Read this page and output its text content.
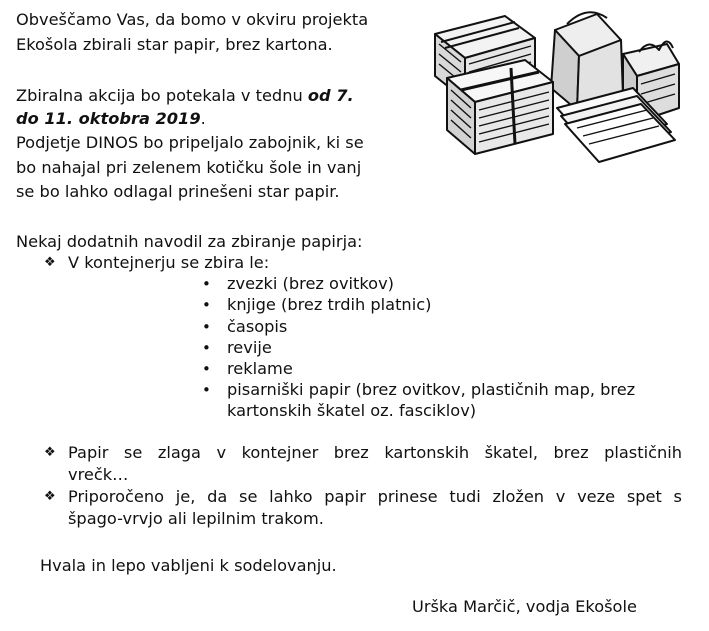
Obveščamo Vas, da bomo v okviru projekta
Ekošola zbirali star papir, brez kartona.
Zbiralna akcija bo potekala v tednu od 7.
do 11. oktobra 2019.
Podjetje DINOS bo pripeljalo zabojnik, ki se
bo nahajal pri zelenem kotičku šole in vanj
se bo lahko odlagal prinešeni star papir.
Nekaj dodatnih navodil za zbiranje papirja:
❖ V kontejnerju se zbira le:
• zvezki (brez ovitkov)
• knjige (brez trdih platnic)
• časopis
• revije
• reklame
• pisarniški papir (brez ovitkov, plastičnih map, brez
kartonskih škatel oz. fasciklov)
❖ Papir se zlaga v kontejner brez kartonskih škatel, brez plastičnih
vrečk…
❖ Priporočeno je, da se lahko papir prinese tudi zložen v veze spet s
špago-vrvjo ali lepilnim trakom.
Hvala in lepo vabljeni k sodelovanju.
Urška Marčič, vodja Ekošole
